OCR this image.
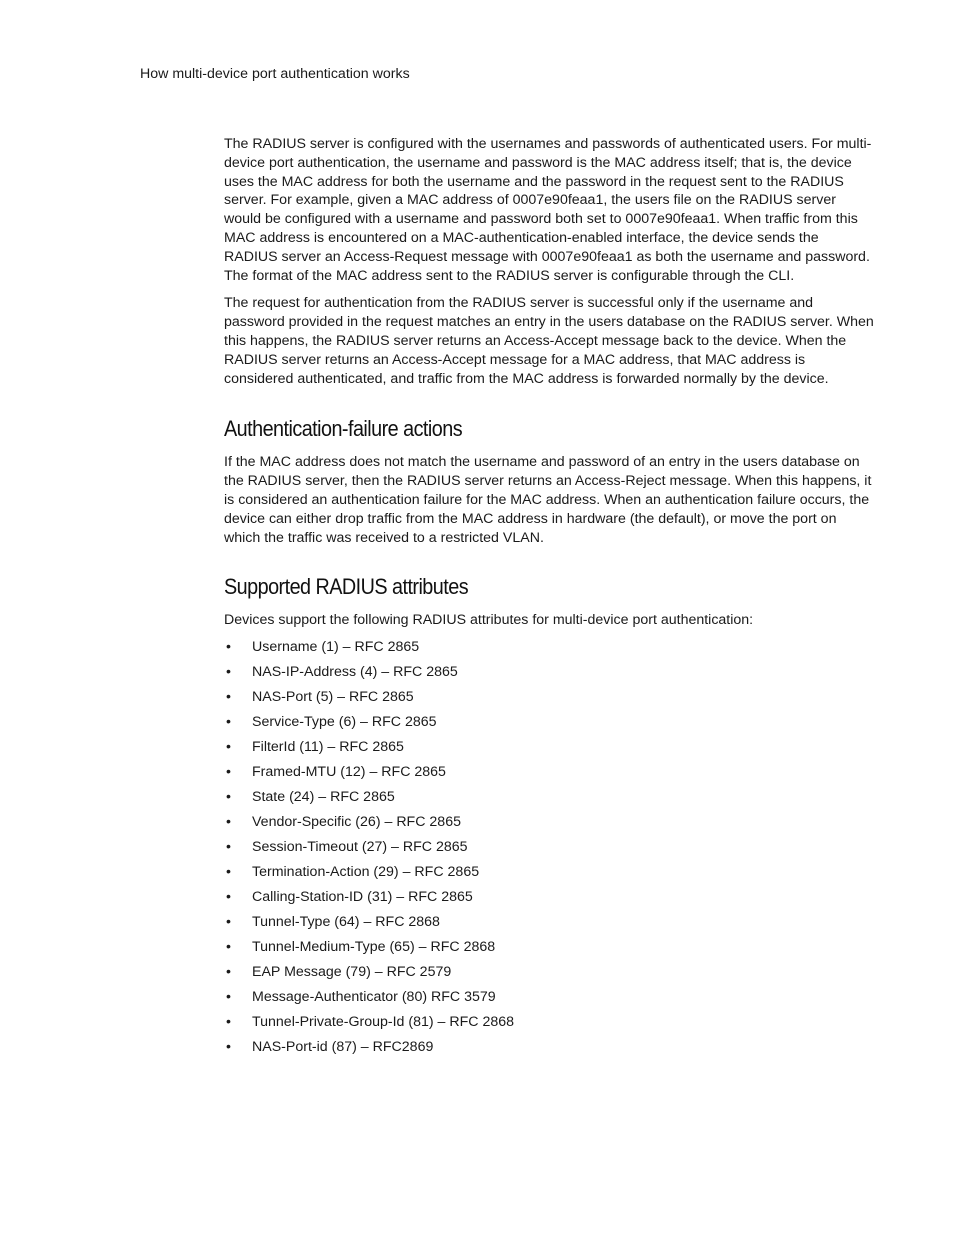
How multi-device port authentication works

The RADIUS server is configured with the usernames and passwords of authenticated users. For multi-device port authentication, the username and password is the MAC address itself; that is, the device uses the MAC address for both the username and the password in the request sent to the RADIUS server. For example, given a MAC address of 0007e90feaa1, the users file on the RADIUS server would be configured with a username and password both set to 0007e90feaa1. When traffic from this MAC address is encountered on a MAC-authentication-enabled interface, the device sends the RADIUS server an Access-Request message with 0007e90feaa1 as both the username and password. The format of the MAC address sent to the RADIUS server is configurable through the CLI.

The request for authentication from the RADIUS server is successful only if the username and password provided in the request matches an entry in the users database on the RADIUS server. When this happens, the RADIUS server returns an Access-Accept message back to the device. When the RADIUS server returns an Access-Accept message for a MAC address, that MAC address is considered authenticated, and traffic from the MAC address is forwarded normally by the device.

Authentication-failure actions

If the MAC address does not match the username and password of an entry in the users database on the RADIUS server, then the RADIUS server returns an Access-Reject message. When this happens, it is considered an authentication failure for the MAC address. When an authentication failure occurs, the device can either drop traffic from the MAC address in hardware (the default), or move the port on which the traffic was received to a restricted VLAN.

Supported RADIUS attributes

Devices support the following RADIUS attributes for multi-device port authentication:

• Username (1) – RFC 2865
• NAS-IP-Address (4) – RFC 2865
• NAS-Port (5) – RFC 2865
• Service-Type (6) – RFC 2865
• FilterId (11) – RFC 2865
• Framed-MTU (12) – RFC 2865
• State (24) – RFC 2865
• Vendor-Specific (26) – RFC 2865
• Session-Timeout (27) – RFC 2865
• Termination-Action (29) – RFC 2865
• Calling-Station-ID (31) – RFC 2865
• Tunnel-Type (64) – RFC 2868
• Tunnel-Medium-Type (65) – RFC 2868
• EAP Message (79) – RFC 2579
• Message-Authenticator (80) RFC 3579
• Tunnel-Private-Group-Id (81) – RFC 2868
• NAS-Port-id (87) – RFC2869
